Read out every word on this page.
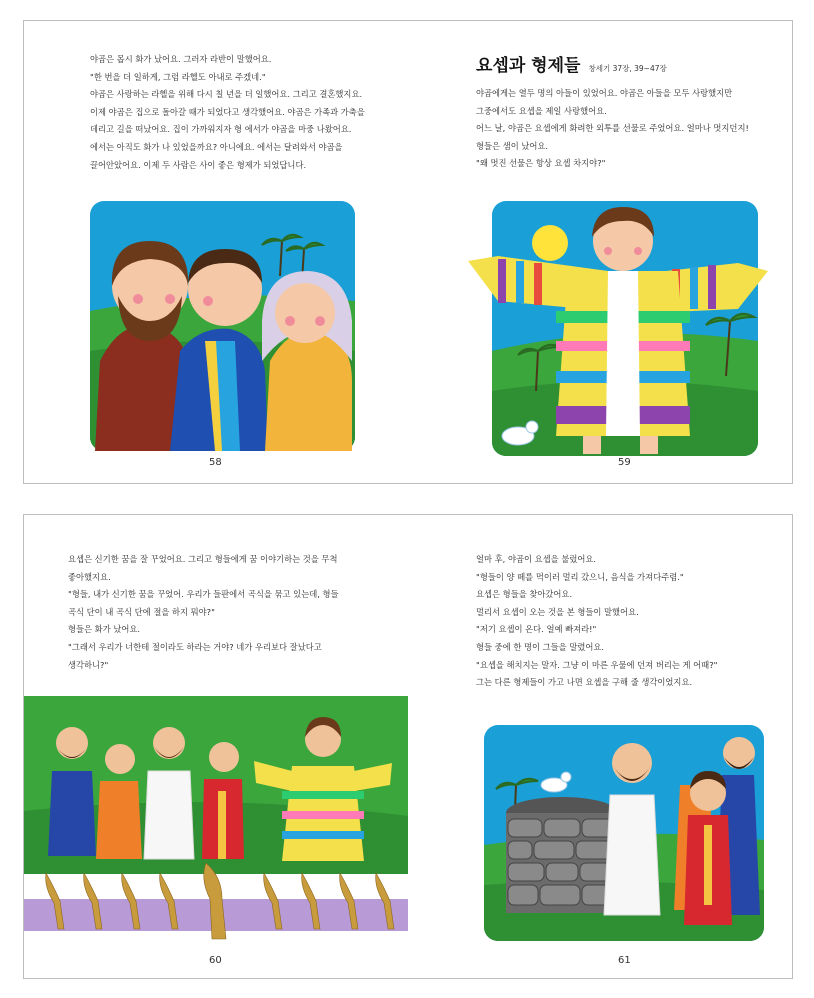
야곱은 몹시 화가 났어요. 그러자 라반이 말했어요.

"한 번을 더 일하게, 그럼 라헬도 아내로 주겠네."

야곱은 사랑하는 라헬을 위해 다시 칠 년을 더 일했어요. 그리고 결혼했지요.

이제 야곱은 집으로 돌아갈 때가 되었다고 생각했어요. 야곱은 가족과 가축을

데리고 길을 떠났어요. 집이 가까워지자 형 에서가 야곱을 마중 나왔어요.

에서는 아직도 화가 나 있었을까요? 아니에요. 에서는 달려와서 야곱을

끌어안았어요. 이제 두 사람은 사이 좋은 형제가 되었답니다.

58
요셉과 형제들 창세기 37장, 39~47장

야곱에게는 열두 명의 아들이 있었어요. 야곱은 아들을 모두 사랑했지만

그중에서도 요셉을 제일 사랑했어요.

어느 날, 야곱은 요셉에게 화려한 외투를 선물로 주었어요. 얼마나 멋지던지!

형들은 샘이 났어요.

"왜 멋진 선물은 항상 요셉 차지야?"

59

요셉은 신기한 꿈을 잘 꾸었어요. 그리고 형들에게 꿈 이야기하는 것을 무척

좋아했지요.

"형들, 내가 신기한 꿈을 꾸었어. 우리가 들판에서 곡식을 묶고 있는데, 형들

곡식 단이 내 곡식 단에 절을 하지 뭐야?"

형들은 화가 났어요.

"그래서 우리가 너한테 절이라도 하라는 거야? 네가 우리보다 잘났다고

생각하니?"

60

얼마 후, 야곱이 요셉을 불렀어요.

"형들이 양 떼를 먹이러 멀리 갔으니, 음식을 가져다주렴."

요셉은 형들을 찾아갔어요.

멀리서 요셉이 오는 것을 본 형들이 말했어요.

"저기 요셉이 온다. 얼예 빠져라!"

형들 중에 한 명이 그들을 말렸어요.

"요셉을 해치지는 말자. 그냥 이 마른 우물에 던져 버리는 게 어때?"

그는 다른 형제들이 가고 나면 요셉을 구해 줄 생각이었지요.

61
